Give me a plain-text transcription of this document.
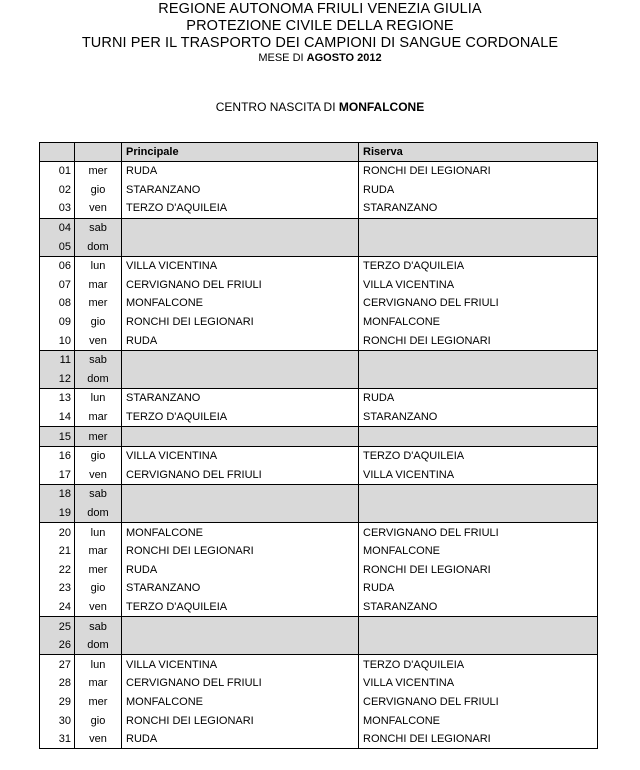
REGIONE AUTONOMA FRIULI VENEZIA GIULIA
PROTEZIONE CIVILE DELLA REGIONE
TURNI PER IL TRASPORTO DEI CAMPIONI DI SANGUE CORDONALE
MESE DI AGOSTO 2012
CENTRO NASCITA DI MONFALCONE
		Principale	Riserva
01	mer	RUDA	RONCHI DEI LEGIONARI
02	gio	STARANZANO	RUDA
03	ven	TERZO D'AQUILEIA	STARANZANO
04	sab		
05	dom		
06	lun	VILLA VICENTINA	TERZO D'AQUILEIA
07	mar	CERVIGNANO DEL FRIULI	VILLA VICENTINA
08	mer	MONFALCONE	CERVIGNANO DEL FRIULI
09	gio	RONCHI DEI LEGIONARI	MONFALCONE
10	ven	RUDA	RONCHI DEI LEGIONARI
11	sab		
12	dom		
13	lun	STARANZANO	RUDA
14	mar	TERZO D'AQUILEIA	STARANZANO
15	mer		
16	gio	VILLA VICENTINA	TERZO D'AQUILEIA
17	ven	CERVIGNANO DEL FRIULI	VILLA VICENTINA
18	sab		
19	dom		
20	lun	MONFALCONE	CERVIGNANO DEL FRIULI
21	mar	RONCHI DEI LEGIONARI	MONFALCONE
22	mer	RUDA	RONCHI DEI LEGIONARI
23	gio	STARANZANO	RUDA
24	ven	TERZO D'AQUILEIA	STARANZANO
25	sab		
26	dom		
27	lun	VILLA VICENTINA	TERZO D'AQUILEIA
28	mar	CERVIGNANO DEL FRIULI	VILLA VICENTINA
29	mer	MONFALCONE	CERVIGNANO DEL FRIULI
30	gio	RONCHI DEI LEGIONARI	MONFALCONE
31	ven	RUDA	RONCHI DEI LEGIONARI
